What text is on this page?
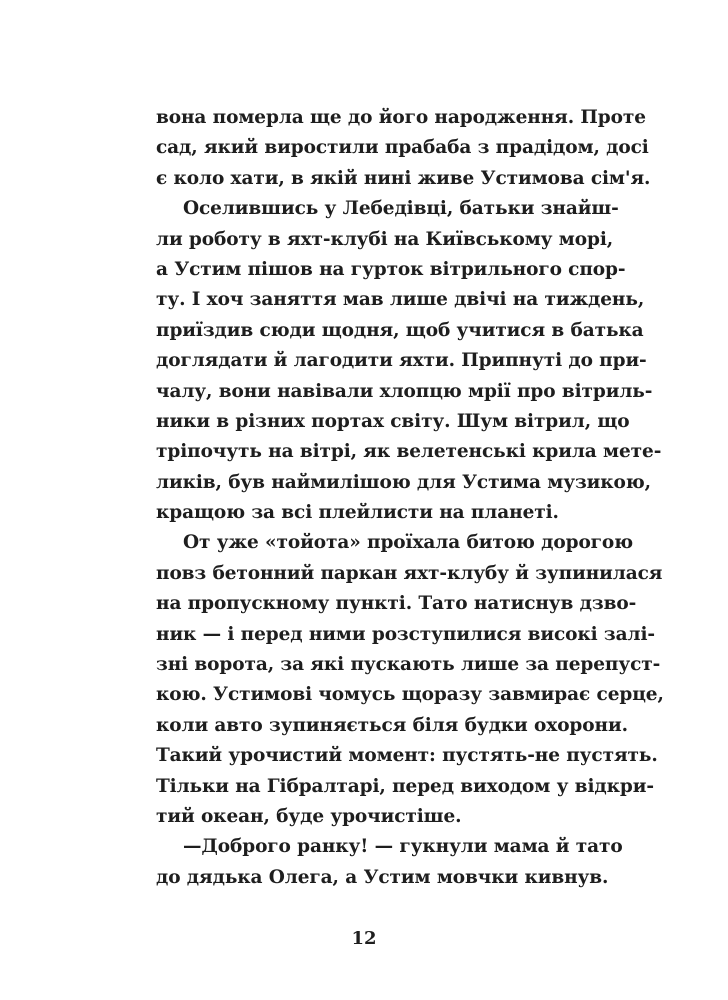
вона померла ще до його народження. Проте
сад, який виростили прабаба з прадідом, досі
є коло хати, в якій нині живе Устимова сім'я.
Оселившись у Лебедівці, батьки знайш-
ли роботу в яхт-клубі на Київському морі,
а Устим пішов на гурток вітрильного спор-
ту. І хоч заняття мав лише двічі на тиждень,
приїздив сюди щодня, щоб учитися в батька
доглядати й лагодити яхти. Припнуті до при-
чалу, вони навівали хлопцю мрії про вітриль-
ники в різних портах світу. Шум вітрил, що
тріпочуть на вітрі, як велетенські крила мете-
ликів, був наймилішою для Устима музикою,
кращою за всі плейлисти на планеті.
От уже «тойота» проїхала битою дорогою
повз бетонний паркан яхт-клубу й зупинилася
на пропускному пункті. Тато натиснув дзво-
ник — і перед ними розступилися високі залі-
зні ворота, за які пускають лише за перепуст-
кою. Устимові чомусь щоразу завмирає серце,
коли авто зупиняється біля будки охорони.
Такий урочистий момент: пустять-не пустять.
Тільки на Гібралтарі, перед виходом у відкри-
тий океан, буде урочистіше.
—Доброго ранку! — гукнули мама й тато
до дядька Олега, а Устим мовчки кивнув.
12
